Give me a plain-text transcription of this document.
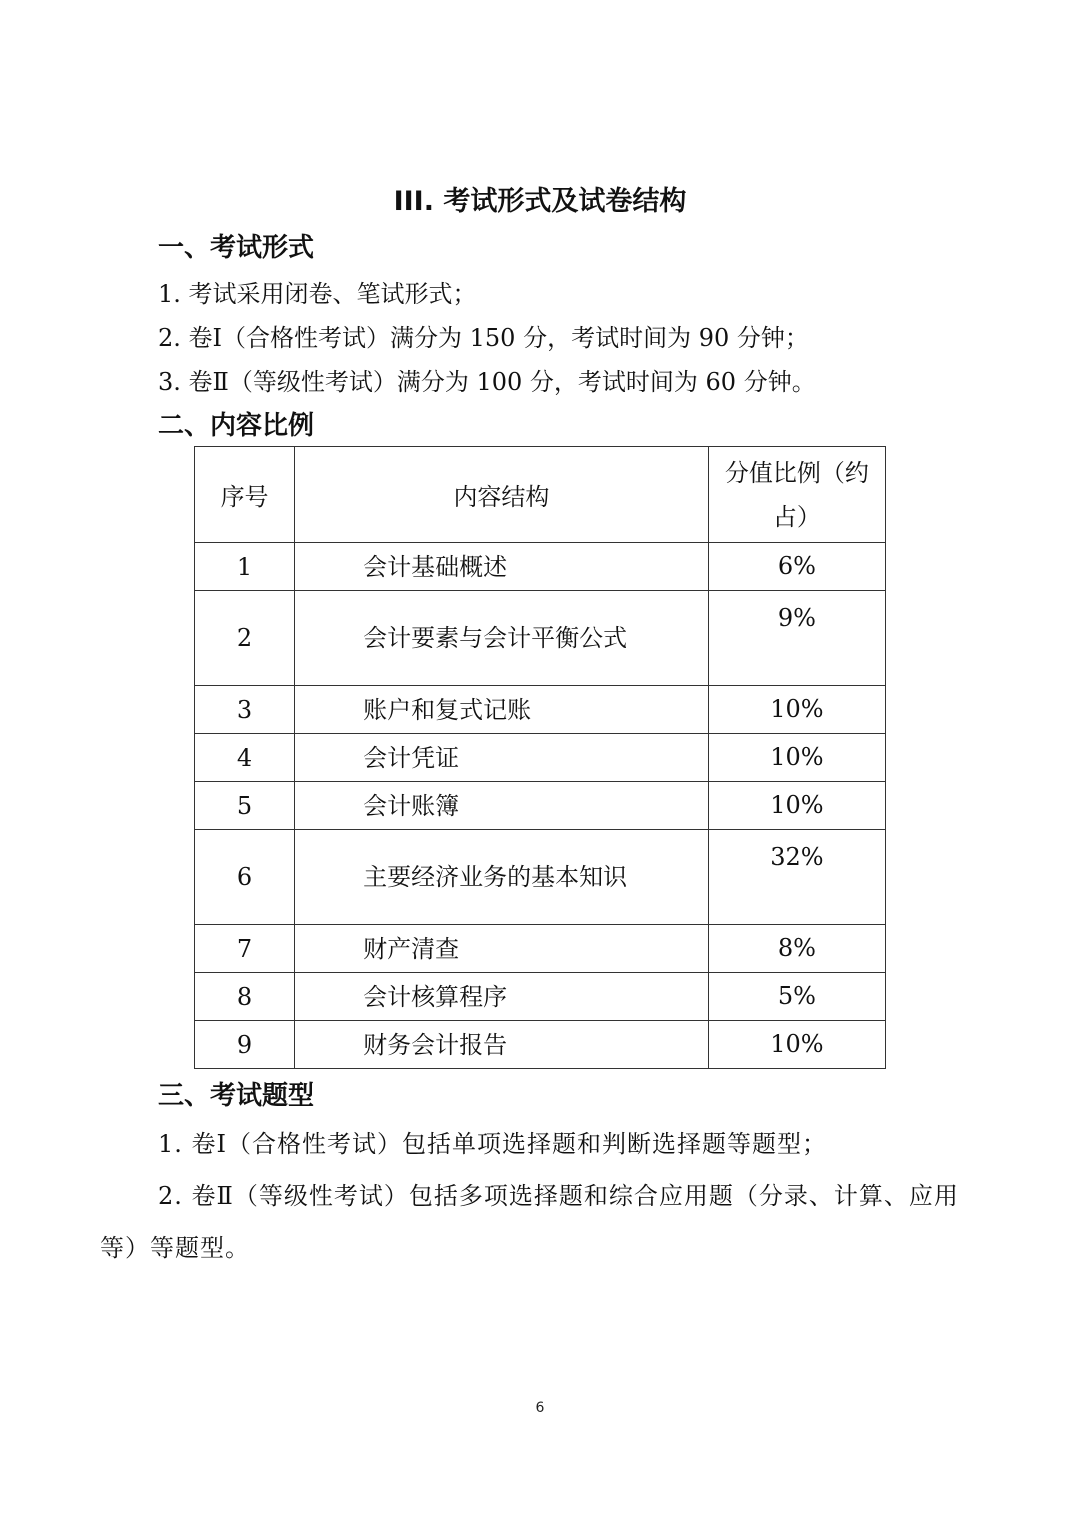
III. 考试形式及试卷结构
一、考试形式
1. 考试采用闭卷、笔试形式；
2. 卷Ⅰ（合格性考试）满分为 150 分，考试时间为 90 分钟；
3. 卷Ⅱ（等级性考试）满分为 100 分，考试时间为 60 分钟。
二、内容比例
序号	内容结构	分值比例（约占）
1	会计基础概述	6%
2	会计要素与会计平衡公式	9%
3	账户和复式记账	10%
4	会计凭证	10%
5	会计账簿	10%
6	主要经济业务的基本知识	32%
7	财产清查	8%
8	会计核算程序	5%
9	财务会计报告	10%
三、考试题型
1. 卷Ⅰ（合格性考试）包括单项选择题和判断选择题等题型；
2. 卷Ⅱ（等级性考试）包括多项选择题和综合应用题（分录、计算、应用等）等题型。
6
